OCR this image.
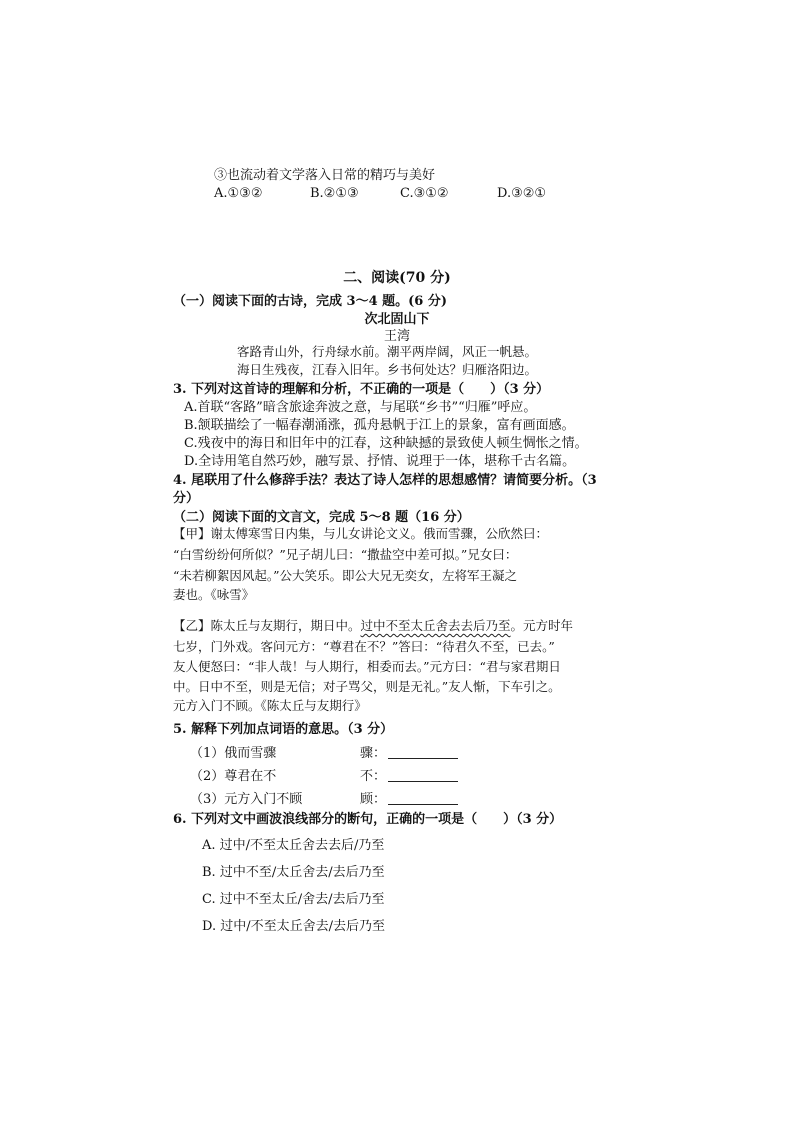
③也流动着文学落入日常的精巧与美好
A.①③②	B.②①③	C.③①②	D.③②①
二、阅读(70 分)
（一）阅读下面的古诗，完成 3～4 题。(6 分)
次北固山下
王湾
客路青山外，行舟绿水前。潮平两岸阔，风正一帆悬。
海日生残夜，江春入旧年。乡书何处达？归雁洛阳边。
3. 下列对这首诗的理解和分析，不正确的一项是（　　）（3 分）
A.首联“客路”暗含旅途奔波之意，与尾联“乡书”“归雁”呼应。
B.颔联描绘了一幅春潮涌涨，孤舟悬帆于江上的景象，富有画面感。
C.残夜中的海日和旧年中的江春，这种缺撼的景致使人顿生惆怅之情。
D.全诗用笔自然巧妙，融写景、抒情、说理于一体，堪称千古名篇。
4. 尾联用了什么修辞手法？表达了诗人怎样的思想感情？请简要分析。（3
分）
（二）阅读下面的文言文，完成 5～8 题（16 分）
【甲】谢太傅寒雪日内集，与儿女讲论文义。俄而雪骤，公欣然曰：
“白雪纷纷何所似？”兄子胡儿曰：“撒盐空中差可拟。”兄女曰：
“未若柳絮因风起。”公大笑乐。即公大兄无奕女，左将军王凝之
妻也。《咏雪》
【乙】陈太丘与友期行，期日中。过中不至太丘舍去去后乃至。元方时年
七岁，门外戏。客问元方：“尊君在不？”答曰：“待君久不至，已去。”
友人便怒曰：“非人哉！与人期行，相委而去。”元方曰：“君与家君期日
中。日中不至，则是无信；对子骂父，则是无礼。”友人惭，下车引之。
元方入门不顾。《陈太丘与友期行》
5. 解释下列加点词语的意思。（3 分）
（1）俄而雪骤	骤：
（2）尊君在不	不：
（3）元方入门不顾	顾：
6. 下列对文中画波浪线部分的断句，正确的一项是（　　）（3 分）
A. 过中/不至太丘舍去去后/乃至
B. 过中不至/太丘舍去/去后乃至
C. 过中不至太丘/舍去/去后乃至
D. 过中/不至太丘舍去/去后乃至
